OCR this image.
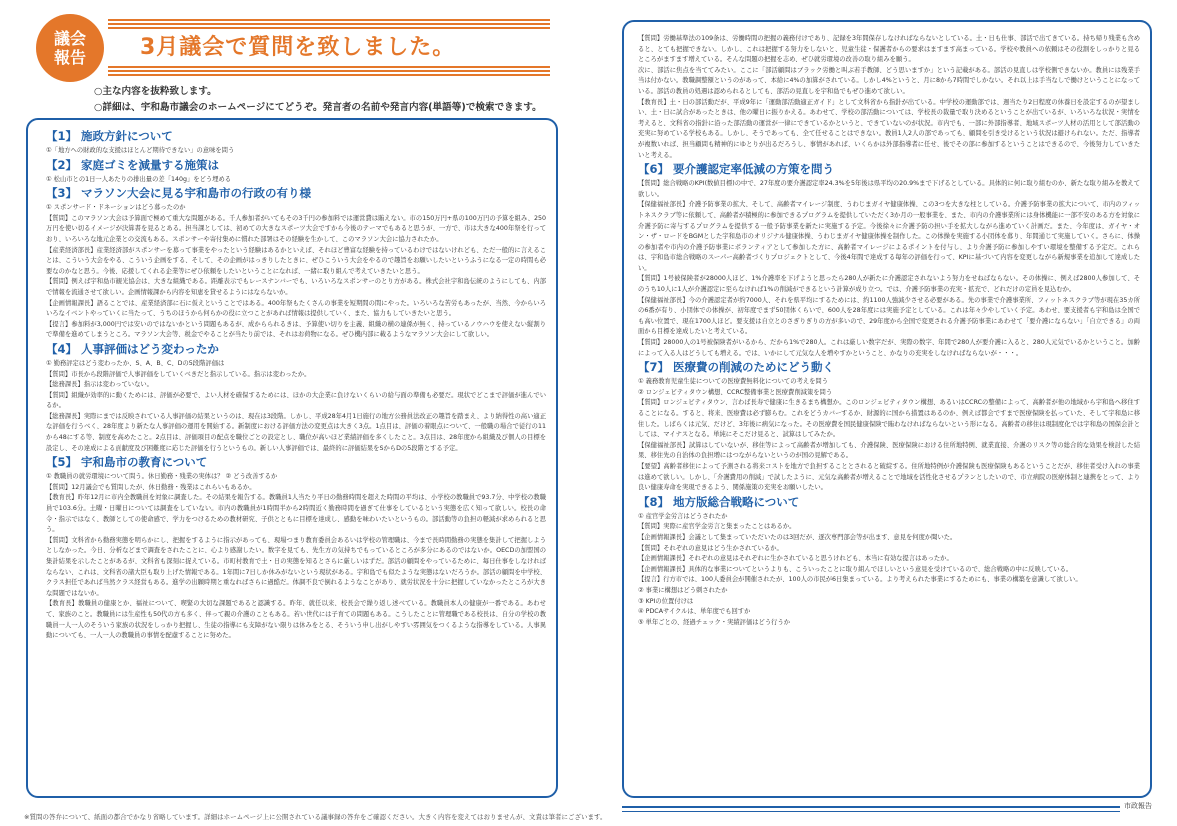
議会
報告 3月議会で質問を致しました。
○主な内容を抜粋致します。
○詳細は、宇和島市議会のホームページにてどうぞ。発言者の名前や発言内容(単語等)で検索できます。
【1】 施政方針について

①「地方への財政的な支援はほとんど期待できない」の意味を問う

【2】 家庭ゴミを減量する施策は

① 松山市との1日一人あたりの排出量の差「140g」をどう埋める

【3】 マラソン大会に見る宇和島市の行政の有り様

① スポンサード・ドネーションはどう募ったのか

【質問】このマラソン大会は予算面で極めて重大な問題がある。千人参加者がいてもその3千円の参加料では運営費は賄えない。市の150万円+県の100万円の予算を組み、250万円を使い切るイメージが決算書を見るとある。担当課としては、初めての大きなスポーツ大会ですから今後のテーマでもあると思うが、一方で、市は大きな400年祭を行っており、いろいろな地元企業との交流もある。スポンサーや寄付集めに慣れた部署はその経験を生かして、このマラソン大会に協力されたか。

【産業経済部長】産業経済部がスポンサーを募って事業をやったという経験はあるかといえば、それほど豊富な経験を持っているわけではないけれども、ただ一般的に言えることは、こういう大会をやる、こういう企画をする、そして、その企画がはっきりしたときに、ぜひこういう大会をやるので趣旨をお願いしたいというふうになる一定の時間も必要なのかなと思う。今後、応援してくれる企業等にぜひ依頼をしたいということになれば、一緒に取り組んで考えていきたいと思う。

【質問】例えば宇和島市観光協会は、大きな組織である。距離表示でもレースナンバーでも、いろいろなスポンサーのとり方がある。株式会社宇和島伝統のようにしても、内部で情報を流通させて欲しい。企画情報課から内容を知恵を貸せるようにはならないか。

【企画情報課長】語ることでは、産業経済部に石に仮えということではある。400年祭もたくさんの事業を短期間の間にやった。いろいろな苦労もあったが、当然、今からいろいろなイベントやっていくに当たって、うちのほうから何らかの役に立つことがあれば情報は提供していく、また、協力もしていきたいと思う。

【提言】参加料が3,000円では安いのではないかという問題もあるが、成からられるきは、予算使い切りを主義、組織の横の連係が無く、持っているノウハウを使えない縦割りで準備を進めてしまうところ。マラソン大会等、税金でやることが当たり前では、それはお荷物になる。ぜひ機内部に載るようなマラソン大会にして欲しい。

【4】 人事評価はどう変わったか

① 勤務評定はどう変わったか、S、A、B、C、Dの5段階評価は

【質問】市長から段階評価で人事評価をしていくべきだと指示している。指示は変わったか。

【総務課長】指示は変わっていない。

【質問】組織が効率的に動くためには、評価が必要で、よい人材を確保するためには、ほかの大企業に負けないくらいの給与面の準備も必要だ。現状でどこまで評価が進んでいるか。

【総務課長】実際にまでは反映されている人事評価の結果というのは、現在は3段階。しかし、平成28年4月1日施行の地方公務員法改正の趣旨を踏まえ、より納得性の高い適正な評価を行うべく、28年度より新たな人事評価の運用を開始する。新制度における評価方法の変更点は大きく3点。1点目は、評価の着眼点について、一般職の場合で従行の11から48にする等、制度を高めたこと。2点目は、評価項目の配点を職位ごとの設定とし、職位が高いほど業績評価を多くしたこと。3点目は、28年度から組織及び個人の目標を設定し、その達成による貢献度及び困難度に応じた評価を行うというもの。新しい人事評価では、最終的に評価結果をSからDの5段階とする予定。

【5】 宇和島市の教育について

① 教職員の就労環境について問う。休日勤務・残業の実体は？ ② どう改善するか

【質問】12月議会でも質問したが、休日勤務・残業はこれらいもあるか。

【教育長】昨年12月に市内全教職員を対象に調査した。その結果を報告する。教職員1人当たり平日の勤務時間を超えた時間の平均は、小学校の教職員で93.7分、中学校の教職員で103.6分。土曜・日曜日については調査をしていない。市内の教職員が1時間半から2時間近く勤務時間を過ぎて仕事をしているという実態を広く知って欲しい。校長の命令・指示ではなく、教師としての使命感で、学力をつけるための教材研究、子供とともに目標を達成し、感動を味わいたいというもの。部活動等の負担の軽減が求められると思う。

【質問】文科省から勤務実態を明らかにし、把握をするように指示があっても、現場つまり教育委員会あるいは学校の管理職は、今まで長時間勤務の実態を集計して把握しようとしなかった。今日、分析などまで調査をされたことに、心より感謝したい。数字を見ても、先生方の気持ちでもっているところが多分にあるのではないか。OECDの加盟国の集計結果を示したことがあるが、文科省も深刻に捉えている。市町村教育で土・日の実態を知るとさらに厳しいはずだ。部活の顧問をやっているために、毎日仕事をしなければならない、これは、文科省の諸大臣も取り上げた情報である。1年間に7日しか休みがないという現状がある。宇和島でも似たような実態はないだろうか。部活の顧問を中学校、クラス担任であれば当然クラス経営もある。進学の出願時期と重なればさらに過酷だ。体調不良で倒れるようなことがあり、就労状況を十分に把握していなかったところが大きな問題ではないか。

【教育長】教職員の健康とか、福祉について、喫緊の大切な課題であると認識する。昨年、就任以来、校長会で繰り返し述べている。教職員本人の健康が一番である。あわせて、家族のこと。教職員には生産性も50代の方も多く、伴って親の介護のこともある。若い世代には子育ての問題もある。こうしたことに管理職である校長は、自分の学校の教職員一人一人のそういう家族の状況をしっかり把握し、生徒の指導にも支障がない限りは休みをとる、そういう申し出がしやすい雰囲気をつくるような指導をしている。人事異動についても、一人一人の教職員の事情を配慮することに努めた。

【質問】労働基準法の109条は、労働時間の把握の義務付けであり、記録を3年間保存しなければならないとしている。土・日も仕事、部活で出てきている。持ち帰り残業も含めると、とても把握できない。しかし、これは把握する努力をしないと、児童生徒・保護者からの要求はますます高まっている。学校や教員への依頼はその役割をしっかりと見るところがますます増えている。そんな問題の把握を志め、ぜひ就労環境の改善の取り組みを願う。

次に、部活に焦点を当ててみたい。ここに「部活顧問はブラック労働と叫ぶ若手教師、どう思いますか」という記載がある。部活の見直しは学校側できないか。教員には残業手当は付かない。教職調整額というのがあって、本給に4%の加算がされている。しかし4%というと、月に8から7時間でしかない。それ以上は手当なしで働けということになっている。部活の教員の処遇は認められるとしても、部活の見直しを宇和島でもぜひ進めて欲しい。

【教育長】土・日の部活動だが、平成9年に「運動部活動適正ガイド」として文科省から指針が出ている。中学校の運動部では、週当たり2日程度の休養日を設定するのが望ましい、土・日に試合があったときは、他の曜日に振りかえる。あわせて、学校の部活動については、学校長の裁量で取り決めるということが出ているが、いろいろな状況・実情を考えると、文科省の指針に沿った部活動の運営が一律にできているかというと、できていないのが状況。市内でも、一部に外部指導者、地域スポーツ人材の活用として部活動の充実に努めている学校もある。しかし、そうであっても、全て任せることはできない。教員1人2人の部であっても、顧問を引き受けるという状況は避けられない。ただ、指導者が複数いれば、担当顧問も精神的にゆとりが出るだろうし、事情があれば、いくらかは外部指導者に任せ、後でその部に参加するということはできるので、今後努力していきたいと考える。

【6】 要介護認定率低減の方策を問う

【質問】総合戦略のKPI(数値目標)の中で、27年度の要介護認定率24.3%を5年後は県平均の20.9%まで下げるとしている。具体的に何に取り組むのか、新たな取り組みを教えて欲しい。

【保健福祉部長】介護予防事業の拡大、そして、高齢者マイレージ制度、うわじまガイヤ健康体操、この3つを大きな柱としている。介護予防事業の拡大について、市内のフィットネスクラブ等に依頼して、高齢者が積極的に参加できるプログラムを提供していただく3か月の一般事業を、また、市内の介護事業所には身体機能に一部不安のある方を対象に介護予防に寄与するプログラムを提供する一般予防事業を新たに実施する予定。今後徐々に介護予防の担い手を拡大しながら進めていく計画だ。また、今年度は、ガイヤ・オン・ザ・ロードをBGMとした宇和島市のオリジナル健康体操、うわじまガイヤ健康体操を制作した。この体操を実施する小団体を募り、年間通じて実施していく。さらに、体操の参加者や市内の介護予防事業にボランティアとして参加した方に、高齢者マイレージによるポイントを付与し、より介護予防に参加しやすい環境を整備する予定だ。これらは、宇和島市総合戦略のスーパー高齢者づくりプロジェクトとして、今後4年間で達成する毎年の評価を行って、KPIに基づいて内容を変更しながら新規事業を追加して達成したい。

【質問】1号被保険者が28000人ほど、1%介護率を下げようと思ったら280人が新たに介護認定されないよう努力をせねばならない。その体操に、例えば2800人参加して、そのうち10人に1人が介護認定に至らなければ1%の削減ができるという計算が成り立つ。では、介護予防事業の充実・拡充で、どれだけの定員を見込むか。

【保健福祉部長】今の介護認定者が約7000人、それを県平均にするためには、約1100人強減少させる必要がある。先の事業で介護事業所、フィットネスクラブ等が現在35カ所の6番が有り、小団体での体操が、初年度でまず50団体くらいで、600人を28年度には実施予定としている。これは年々少やしていく予定。あわせ、要支援者も宇和島は全国でも高い位置で、現在1700人ほど。要支援は自立とのさぎりぎりの方が多いので、29年度から全国で変更される介護予防事業にあわせて「要介護にならない」「自立できる」の両面から目標を達成したいと考えている。

【質問】28000人の1号被保険者がいるから、だから1%で280人。これは厳しい数字だが、実際の数字、年間で280人が要介護に入ると、280人元気でいるかということ。加齢によって入る人はどうしても増える。では、いかにして元気な人を増やすかということ、かなりの充実をしなければならないが・・・。

【7】 医療費の削減のためにどう動く

① 義務教育児童生徒についての医療費無料化についての考えを問う

② ロンジェビティタウン構想、CCRC整備事業と医療費削減策を問う

【質問】ロンジェビティタウン、言わば長寿で健康に生きるまち構想か。このロンジェビティタウン構想、あるいはCCRCの整備によって、高齢者が他の地域から宇和島へ移住することになる。すると、将来、医療費は必ず膨らむ。これをどうカバーするか、財源的に国から措置はあるのか、例えば都会ですまで医療保険を払っていた、そして宇和島に移住した。しばらくは元気、だけど、3年後に病気になった。その医療費を国民健康保険で賄わなければならないという形になる。高齢者の移住は現制度化では宇和島の国保会計としては、マイナスとなる。単純にそこだけ見ると、試算はしてみたか。

【保健福祉部長】試算はしていないが、移住等によって高齢者が増加しても、介護保険、医療保険における住所地特例、就業直接、介護のリスク等の総合的な効果を検討した結果、移住先の自治体の負担増にはつながらないというのが国の見解である。

【要望】高齢者移住によって予測される将来コストを地方で負担することとされると破綻する。住所地特例が介護保険も医療保険もあるということだが、移住者受け入れの事業は進めて欲しい。しかし、「介護費用の削減」で試したように、元気な高齢者が増えることで地域を活性化させるプランとしたいので、市立病院の医療体制と連携をとって、より良い健康寿命を実現できるよう、関係施策の充実をお願いしたい。

【8】 地方版総合戦略について

① 産官学金労言はどうされたか

【質問】実際に産官学金労言と集まったことはあるか。

【企画情報課長】会議として集まっていただいたのは3回だが、逐次専門部会等が出ます、意見を何度か聞いた。

【質問】それぞれの意見はどう生かされているか。

【企画情報課長】それぞれの意見はそれぞれに生かされていると思うけれども、本当に有効な提言はあったか。

【企画情報課長】具体的な事業についてというよりも、こういったことに取り組んでほしいという意見を受けているので、総合戦略の中に反映している。

【提言】行方市では、100人委員会が開催されたが、100人の市民が6日集まっている。より考えられた事業にするためにも、事業の構築を意識して欲しい。

② 事業に構想はどう刺されたか

③ KPIの位置付けは

④ PDCAサイクルは、単年度でも回すか

⑤ 単年ごとの、経過チェック・実績評価はどう行うか

※質問の答弁について、紙面の都合でかなり省略しています。詳細はホームページ上に公開されている議事録の答弁をご確認ください。大きく内容を変えてはおりませんが、文責は筆者にございます。

市政報告
